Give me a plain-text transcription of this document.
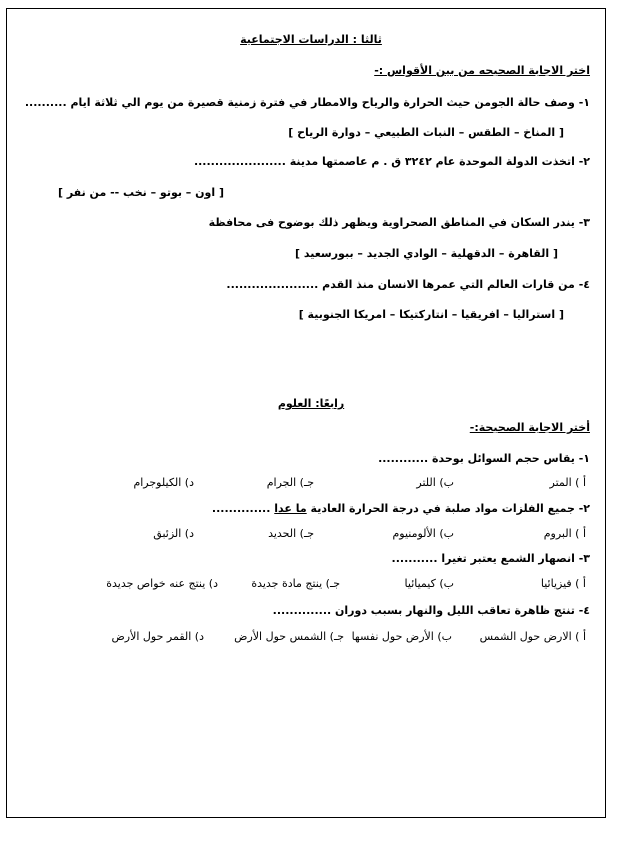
ثالثا : الدراسات الاجتماعية
اختر الاجابة الصحيحه من بين الأقواس :-
١- وصف حالة الجومن حيث الحرارة والرياح والامطار في فترة زمنية قصيرة من يوم الي ثلاثة ايام ..........
[ المناخ – الطقس – النبات الطبيعي – دوارة الرياح ]
٢- اتخذت الدولة الموحدة عام ٣٢٤٢ ق . م عاصمتها مدينة ......................
[ اون – بوتو – نخب -- من نفر ]
٣- يندر السكان في المناطق الصحراوية ويظهر ذلك بوضوح فى محافظة
[ القاهرة – الدقهلية – الوادي الجديد – ببورسعيد ]
٤- من قارات العالم التي عمرها الانسان منذ القدم ......................
[ استراليا – افريقيا – انتاركتيكا – امريكا الجنوبية ]
رابعًا: العلوم
أختر الاجابة الصحيحة:-
١- يقاس حجم السوائل بوحدة ............
أ ) المتر
ب) اللتر
جـ) الجرام
د) الكيلوجرام
٢- جميع الفلزات مواد صلبة في درجة الحرارة العادية ما عدا ..............
أ ) البروم
ب) الألومنيوم
جـ) الحديد
د) الزئبق
٣- انصهار الشمع يعتبر تغيرا ...........
أ ) فيزيائيا
ب) كيميائيا
جـ) ينتج مادة جديدة
د) ينتج عنه خواص جديدة
٤- تنتج ظاهرة تعاقب الليل والنهار بسبب دوران ..............
أ ) الارض حول الشمس
ب) الأرض حول نفسها
جـ) الشمس حول الأرض
د) القمر حول الأرض
